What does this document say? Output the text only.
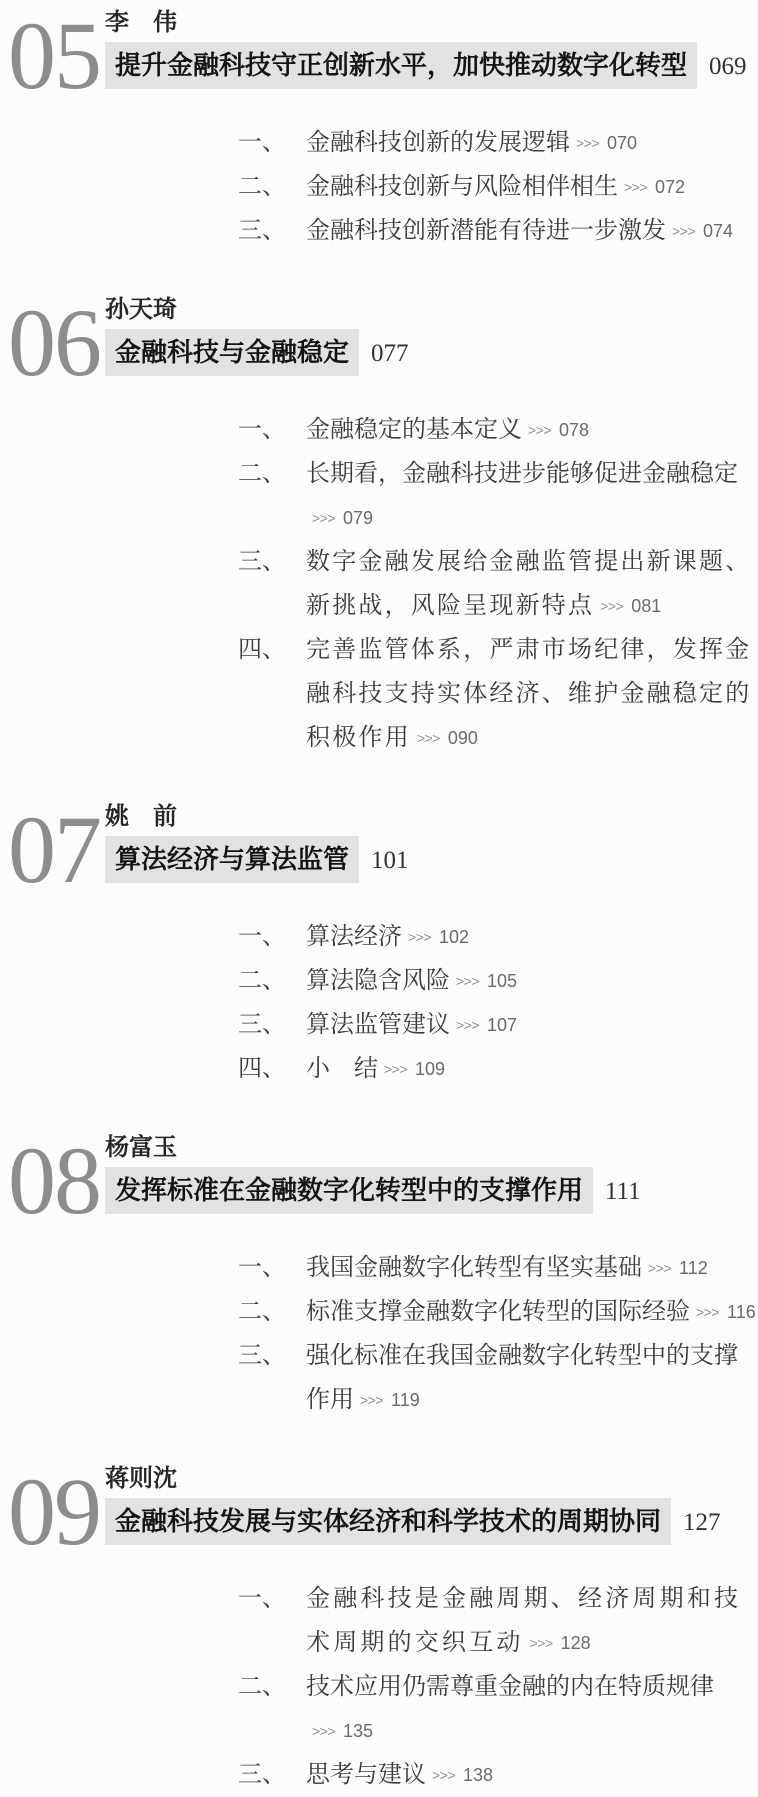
05 李　伟
提升金融科技守正创新水平，加快推动数字化转型 069
一、 金融科技创新的发展逻辑 >>> 070
二、 金融科技创新与风险相伴相生 >>> 072
三、 金融科技创新潜能有待进一步激发 >>> 074
06 孙天琦
金融科技与金融稳定 077
一、 金融稳定的基本定义 >>> 078
二、 长期看，金融科技进步能够促进金融稳定>>> 079
三、 数字金融发展给金融监管提出新课题、新挑战，风险呈现新特点 >>> 081
四、 完善监管体系，严肃市场纪律，发挥金融科技支持实体经济、维护金融稳定的积极作用 >>> 090
07 姚　前
算法经济与算法监管 101
一、 算法经济 >>> 102
二、 算法隐含风险 >>> 105
三、 算法监管建议 >>> 107
四、 小　结 >>> 109
08 杨富玉
发挥标准在金融数字化转型中的支撑作用 111
一、 我国金融数字化转型有坚实基础 >>> 112
二、 标准支撑金融数字化转型的国际经验 >>> 116
三、 强化标准在我国金融数字化转型中的支撑作用 >>> 119
09 蒋则沈
金融科技发展与实体经济和科学技术的周期协同 127
一、 金融科技是金融周期、经济周期和技术周期的交织互动 >>> 128
二、 技术应用仍需尊重金融的内在特质规律>>> 135
三、 思考与建议 >>> 138
